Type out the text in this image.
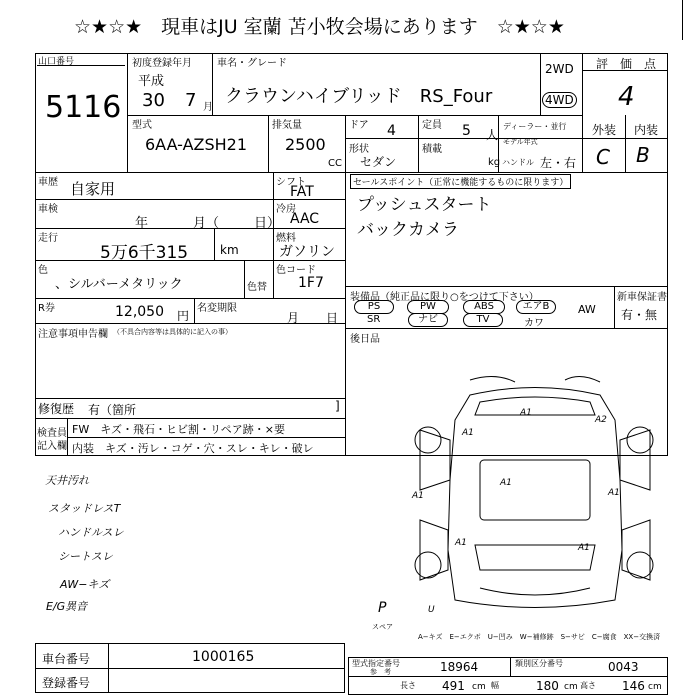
☆★☆★　現車はJU 室蘭 苫小牧会場にあります　☆★☆★
山口番号
5116
初度登録年月
平成
30 7 月
車名・グレード
クラウンハイブリッド　RS_Four
2WD
4WD
評　価　点
4
外装 内装
C B
型式
6AA-AZSH21
排気量
2500
CC
ドア 4	定員 5 人
ディーラー・並行
モデル年式
形状
セダン
積載
kg ハンドル 左・右
車歴 自家用
車検
年	月（	日）
走行
5万6千315	km
色
、シルバーメタリック	色替
色コード
1F7
シフト
FAT
冷房
AAC
燃料
ガソリン
セールスポイント（正常に機能するものに限ります）
プッシュスタート
バックカメラ
R券	12,050 円
名変期限
月 日
装備品（純正品に限り○をつけて下さい）
PS	PW	ABS	エアB
SR	ナビ	TV	カワ
AW
新車保証書
有・無
後日品
注意事項申告欄 （不具合内容等は具体的に記入の事）
修復歴 有（箇所	]
検査員
記入欄
FW　キズ・飛石・ヒビ割・リペア跡・×要
内装　キズ・汚レ・コゲ・穴・スレ・キレ・破レ
天井汚れ
スタッドレスT
ハンドルスレ
シートスレ
AW−キズ
E/G異音
A1
A1
A2
A1
A1
A1
A1	A1
U
スペア
P
A−キズ　E−エクボ　U−凹み　W−補修跡　S−サビ　C−腐食　XX−交換済
車台番号	1000165
登録番号
型式指定番号
参　考	18964	類別区分番号	0043
長さ 491 cm 幅	180 cm 高さ 146 cm
